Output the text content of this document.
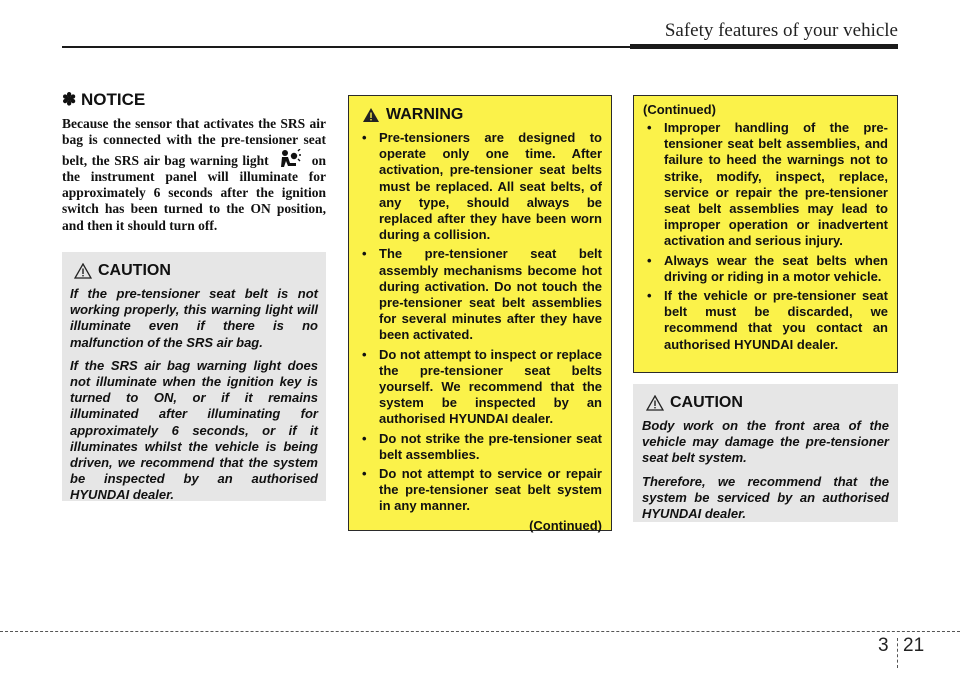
Safety features of your vehicle
✽ NOTICE

Because the sensor that activates the SRS air bag is connected with the pre-tensioner seat belt, the SRS air bag warning light	on the instrument panel will illuminate for approximately 6 seconds after the ignition switch has been turned to the ON position, and then it should turn off.

CAUTION

If the pre-tensioner seat belt is not working properly, this warning light will illuminate even if there is no malfunction of the SRS air bag.

If the SRS air bag warning light does not illuminate when the ignition key is turned to ON, or if it remains illuminated after illuminating for approximately 6 seconds, or if it illuminates whilst the vehicle is being driven, we recommend that the system be inspected by an authorised HYUNDAI dealer.

WARNING
• Pre-tensioners are designed to operate only one time. After activation, pre-tensioner seat belts must be replaced. All seat belts, of any type, should always be replaced after they have been worn during a collision.
• The pre-tensioner seat belt assembly mechanisms become hot during activation. Do not touch the pre-tensioner seat belt assemblies for several minutes after they have been activated.
• Do not attempt to inspect or replace the pre-tensioner seat belts yourself. We recommend that the system be inspected by an authorised HYUNDAI dealer.
• Do not strike the pre-tensioner seat belt assemblies.
• Do not attempt to service or repair the pre-tensioner seat belt system in any manner.
(Continued)
(Continued)
• Improper handling of the pre-tensioner seat belt assemblies, and failure to heed the warnings not to strike, modify, inspect, replace, service or repair the pre-tensioner seat belt assemblies may lead to improper operation or inadvertent activation and serious injury.
• Always wear the seat belts when driving or riding in a motor vehicle.
• If the vehicle or pre-tensioner seat belt must be discarded, we recommend that you contact an authorised HYUNDAI dealer.
CAUTION

Body work on the front area of the vehicle may damage the pre-tensioner seat belt system.

Therefore, we recommend that the system be serviced by an authorised HYUNDAI dealer.

3 21
